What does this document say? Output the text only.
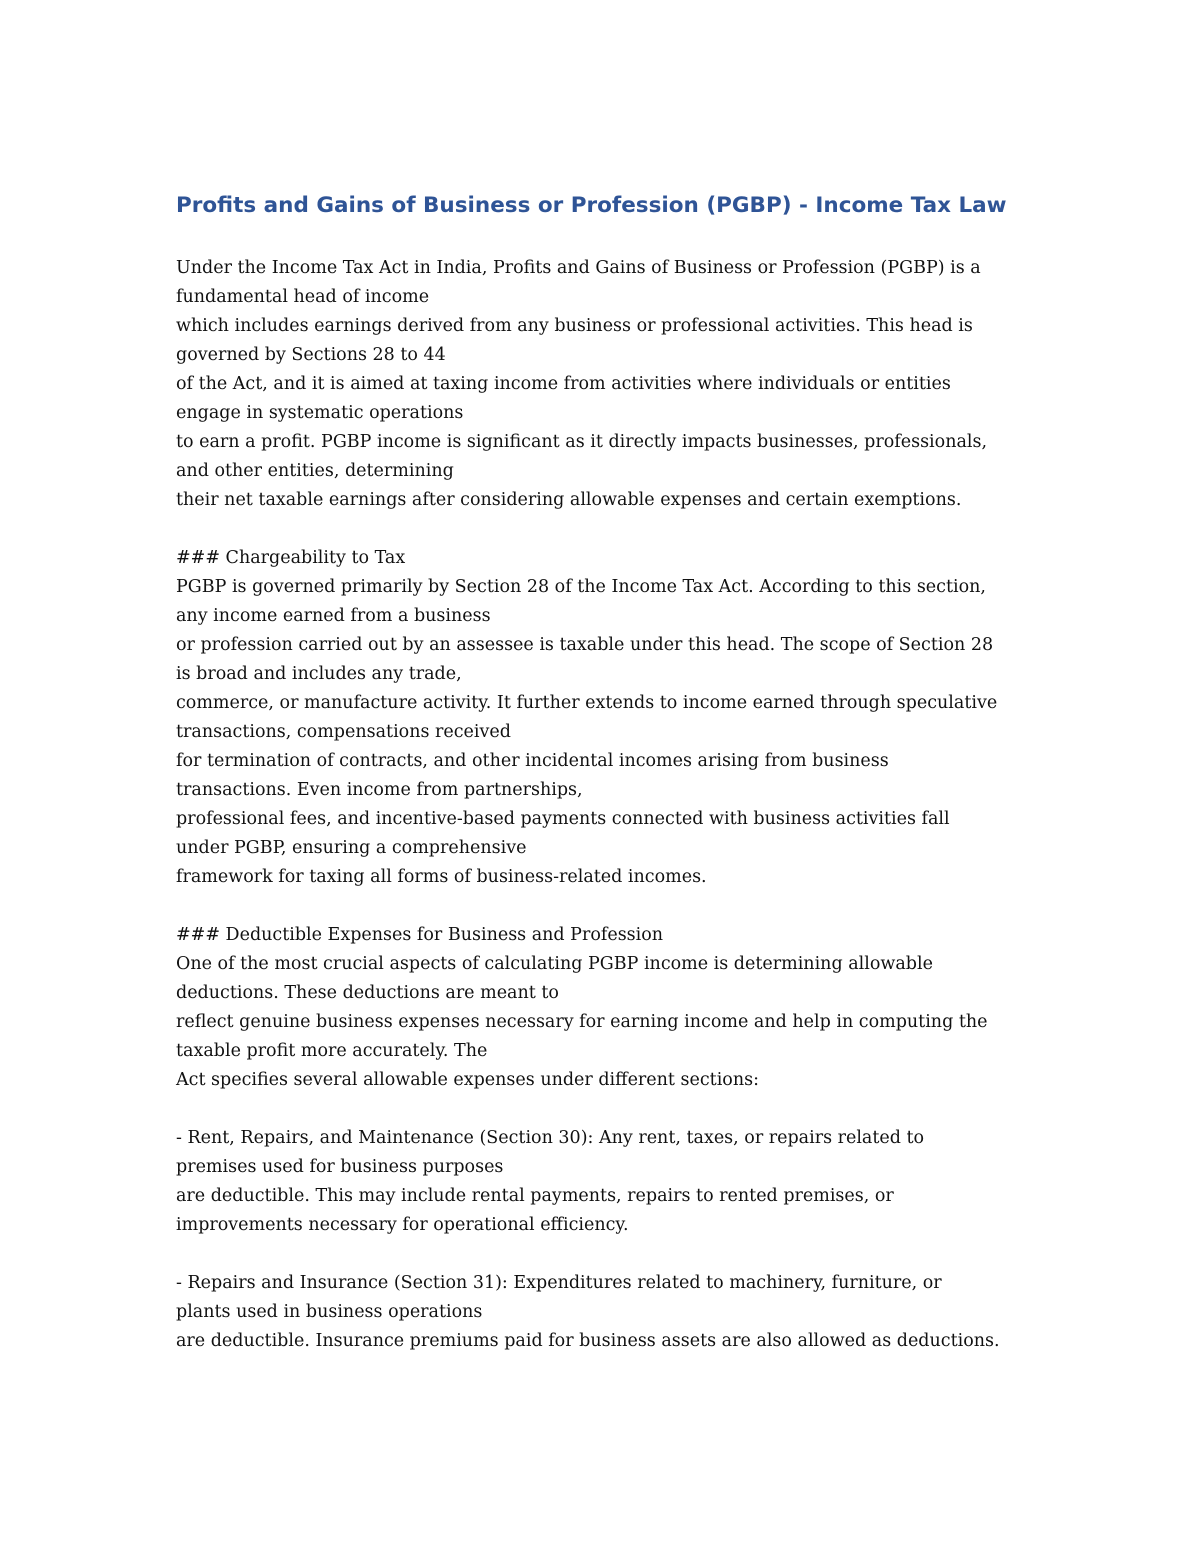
Profits and Gains of Business or Profession (PGBP) - Income Tax Law
Under the Income Tax Act in India, Profits and Gains of Business or Profession (PGBP) is a
fundamental head of income
which includes earnings derived from any business or professional activities. This head is
governed by Sections 28 to 44
of the Act, and it is aimed at taxing income from activities where individuals or entities
engage in systematic operations
to earn a profit. PGBP income is significant as it directly impacts businesses, professionals,
and other entities, determining
their net taxable earnings after considering allowable expenses and certain exemptions.
### Chargeability to Tax
PGBP is governed primarily by Section 28 of the Income Tax Act. According to this section,
any income earned from a business
or profession carried out by an assessee is taxable under this head. The scope of Section 28
is broad and includes any trade,
commerce, or manufacture activity. It further extends to income earned through speculative
transactions, compensations received
for termination of contracts, and other incidental incomes arising from business
transactions. Even income from partnerships,
professional fees, and incentive-based payments connected with business activities fall
under PGBP, ensuring a comprehensive
framework for taxing all forms of business-related incomes.
### Deductible Expenses for Business and Profession
One of the most crucial aspects of calculating PGBP income is determining allowable
deductions. These deductions are meant to
reflect genuine business expenses necessary for earning income and help in computing the
taxable profit more accurately. The
Act specifies several allowable expenses under different sections:
- Rent, Repairs, and Maintenance (Section 30): Any rent, taxes, or repairs related to
premises used for business purposes
are deductible. This may include rental payments, repairs to rented premises, or
improvements necessary for operational efficiency.
- Repairs and Insurance (Section 31): Expenditures related to machinery, furniture, or
plants used in business operations
are deductible. Insurance premiums paid for business assets are also allowed as deductions.
